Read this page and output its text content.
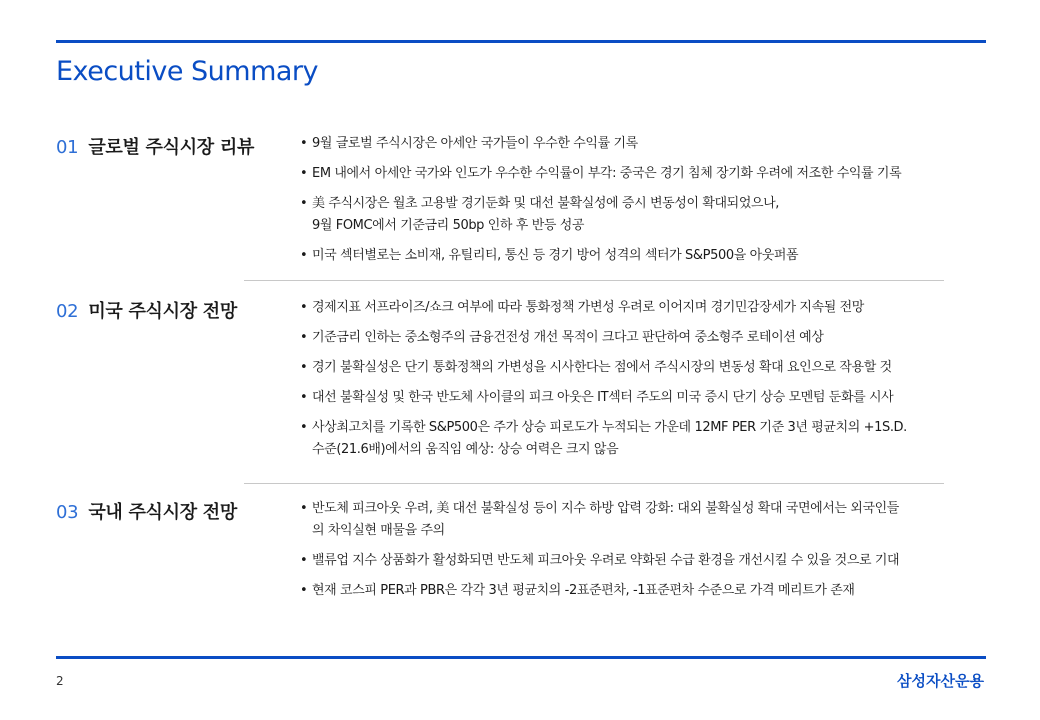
Executive Summary
01 글로벌 주식시장 리뷰	• 9월 글로벌 주식시장은 아세안 국가들이 우수한 수익률 기록
• EM 내에서 아세안 국가와 인도가 우수한 수익률이 부각: 중국은 경기 침체 장기화 우려에 저조한 수익률 기록
• 美 주식시장은 월초 고용발 경기둔화 및 대선 불확실성에 증시 변동성이 확대되었으나,
9월 FOMC에서 기준금리 50bp 인하 후 반등 성공
• 미국 섹터별로는 소비재, 유틸리티, 통신 등 경기 방어 성격의 섹터가 S&P500을 아웃퍼폼
02 미국 주식시장 전망	• 경제지표 서프라이즈/쇼크 여부에 따라 통화정책 가변성 우려로 이어지며 경기민감장세가 지속될 전망
• 기준금리 인하는 중소형주의 금융건전성 개선 목적이 크다고 판단하여 중소형주 로테이션 예상
• 경기 불확실성은 단기 통화정책의 가변성을 시사한다는 점에서 주식시장의 변동성 확대 요인으로 작용할 것
• 대선 불확실성 및 한국 반도체 사이클의 피크 아웃은 IT섹터 주도의 미국 증시 단기 상승 모멘텀 둔화를 시사
• 사상최고치를 기록한 S&P500은 주가 상승 피로도가 누적되는 가운데 12MF PER 기준 3년 평균치의 +1S.D.
수준(21.6배)에서의 움직임 예상: 상승 여력은 크지 않음
03 국내 주식시장 전망	• 반도체 피크아웃 우려, 美 대선 불확실성 등이 지수 하방 압력 강화: 대외 불확실성 확대 국면에서는 외국인들
의 차익실현 매물을 주의
• 밸류업 지수 상품화가 활성화되면 반도체 피크아웃 우려로 약화된 수급 환경을 개선시킬 수 있을 것으로 기대
• 현재 코스피 PER과 PBR은 각각 3년 평균치의 -2표준편차, -1표준편차 수준으로 가격 메리트가 존재
2	삼성자산운용
